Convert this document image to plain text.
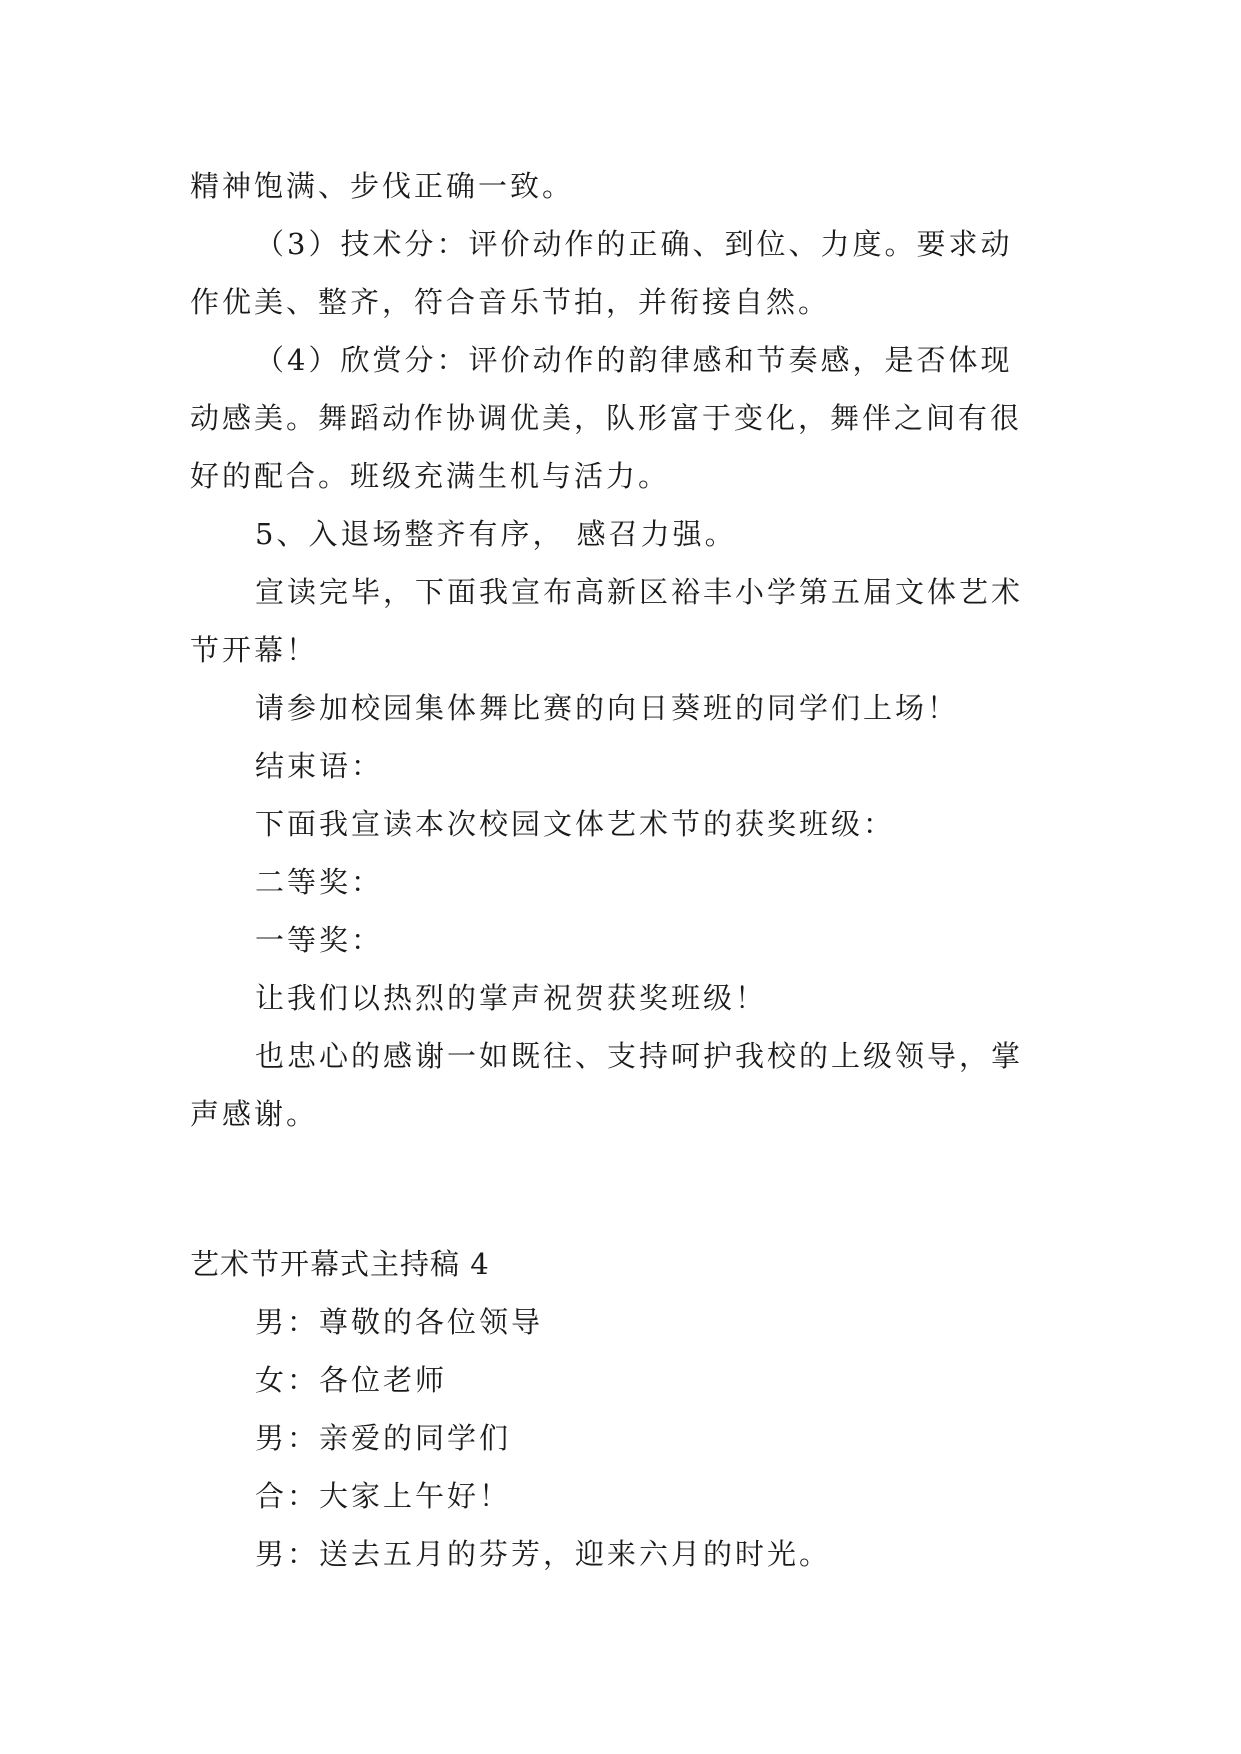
精神饱满、步伐正确一致。
（3）技术分：评价动作的正确、到位、力度。要求动
作优美、整齐，符合音乐节拍，并衔接自然。
（4）欣赏分：评价动作的韵律感和节奏感，是否体现
动感美。舞蹈动作协调优美，队形富于变化，舞伴之间有很
好的配合。班级充满生机与活力。
5、入退场整齐有序， 感召力强。
宣读完毕，下面我宣布高新区裕丰小学第五届文体艺术
节开幕！
请参加校园集体舞比赛的向日葵班的同学们上场！
结束语：
下面我宣读本次校园文体艺术节的获奖班级：
二等奖：
一等奖：
让我们以热烈的掌声祝贺获奖班级！
也忠心的感谢一如既往、支持呵护我校的上级领导，掌
声感谢。
艺术节开幕式主持稿 4
男：尊敬的各位领导
女：各位老师
男：亲爱的同学们
合：大家上午好！
男：送去五月的芬芳，迎来六月的时光。
